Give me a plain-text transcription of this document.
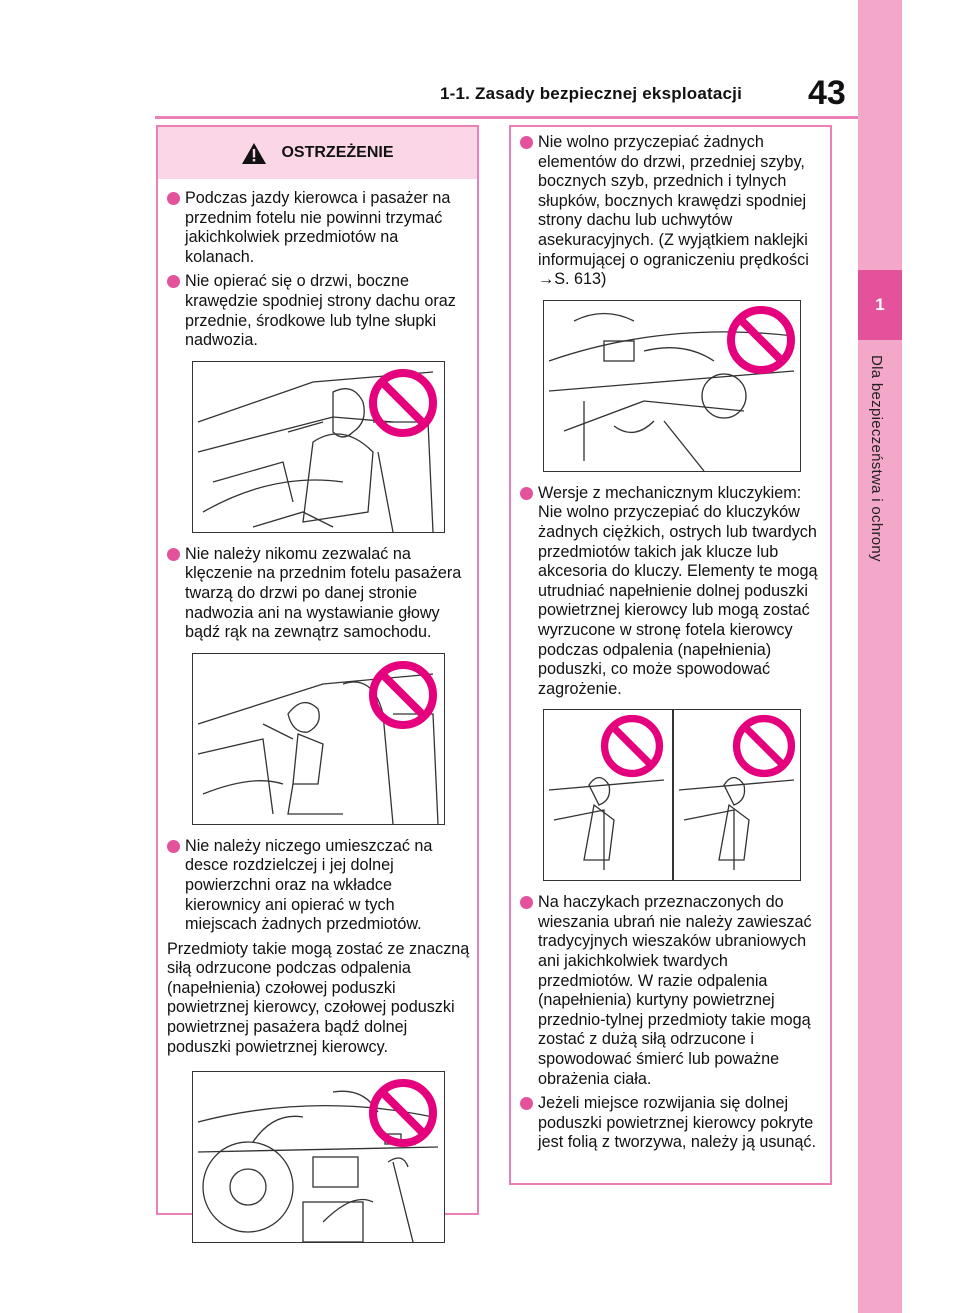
1-1. Zasady bezpiecznej eksploatacji 43
1
Dla bezpieczeństwa i ochrony
OSTRZEŻENIE
Podczas jazdy kierowca i pasażer na przednim fotelu nie powinni trzymać jakichkolwiek przedmiotów na kolanach.
Nie opierać się o drzwi, boczne krawędzie spodniej strony dachu oraz przednie, środkowe lub tylne słupki nadwozia.
Nie należy nikomu zezwalać na klęczenie na przednim fotelu pasażera twarzą do drzwi po danej stronie nadwozia ani na wystawianie głowy bądź rąk na zewnątrz samochodu.
Nie należy niczego umieszczać na desce rozdzielczej i jej dolnej powierzchni oraz na wkładce kierownicy ani opierać w tych miejscach żadnych przedmiotów.
Przedmioty takie mogą zostać ze znaczną siłą odrzucone podczas odpalenia (napełnienia) czołowej poduszki powietrznej kierowcy, czołowej poduszki powietrznej pasażera bądź dolnej poduszki powietrznej kierowcy.
Nie wolno przyczepiać żadnych elementów do drzwi, przedniej szyby, bocznych szyb, przednich i tylnych słupków, bocznych krawędzi spodniej strony dachu lub uchwytów asekuracyjnych. (Z wyjątkiem naklejki informującej o ograniczeniu prędkości →S. 613)
Wersje z mechanicznym kluczykiem: Nie wolno przyczepiać do kluczyków żadnych ciężkich, ostrych lub twardych przedmiotów takich jak klucze lub akcesoria do kluczy. Elementy te mogą utrudniać napełnienie dolnej poduszki powietrznej kierowcy lub mogą zostać wyrzucone w stronę fotela kierowcy podczas odpalenia (napełnienia) poduszki, co może spowodować zagrożenie.
Na haczykach przeznaczonych do wieszania ubrań nie należy zawieszać tradycyjnych wieszaków ubraniowych ani jakichkolwiek twardych przedmiotów. W razie odpalenia (napełnienia) kurtyny powietrznej przednio-tylnej przedmioty takie mogą zostać z dużą siłą odrzucone i spowodować śmierć lub poważne obrażenia ciała.
Jeżeli miejsce rozwijania się dolnej poduszki powietrznej kierowcy pokryte jest folią z tworzywa, należy ją usunąć.
